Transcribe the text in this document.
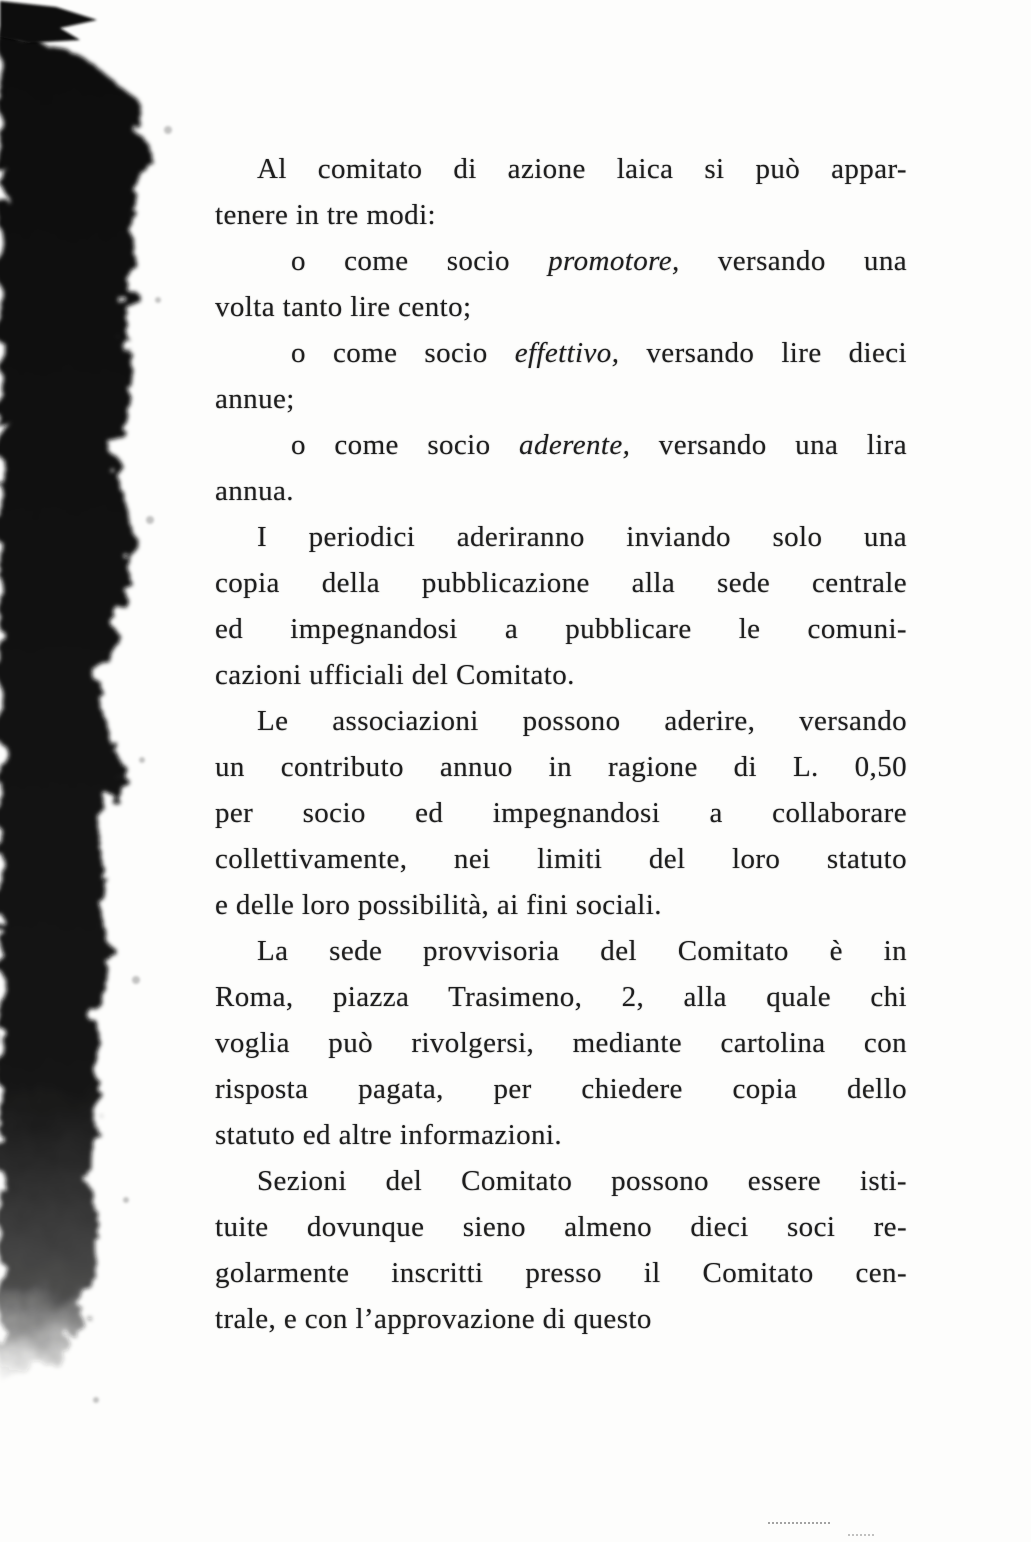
Al comitato di azione laica si può appar-
tenere in tre modi:

o come socio promotore, versando una
volta tanto lire cento;

o come socio effettivo, versando lire dieci
annue;

o come socio aderente, versando una lira
annua.

I periodici aderiranno inviando solo una
copia della pubblicazione alla sede centrale
ed impegnandosi a pubblicare le comuni-
cazioni ufficiali del Comitato.

Le associazioni possono aderire, versando
un contributo annuo in ragione di L. 0,50
per socio ed impegnandosi a collaborare
collettivamente, nei limiti del loro statuto
e delle loro possibilità, ai fini sociali.

La sede provvisoria del Comitato è in
Roma, piazza Trasimeno, 2, alla quale chi
voglia può rivolgersi, mediante cartolina con
risposta pagata, per chiedere copia dello
statuto ed altre informazioni.

Sezioni del Comitato possono essere isti-
tuite dovunque sieno almeno dieci soci re-
golarmente inscritti presso il Comitato cen-
trale, e con l’approvazione di questo
